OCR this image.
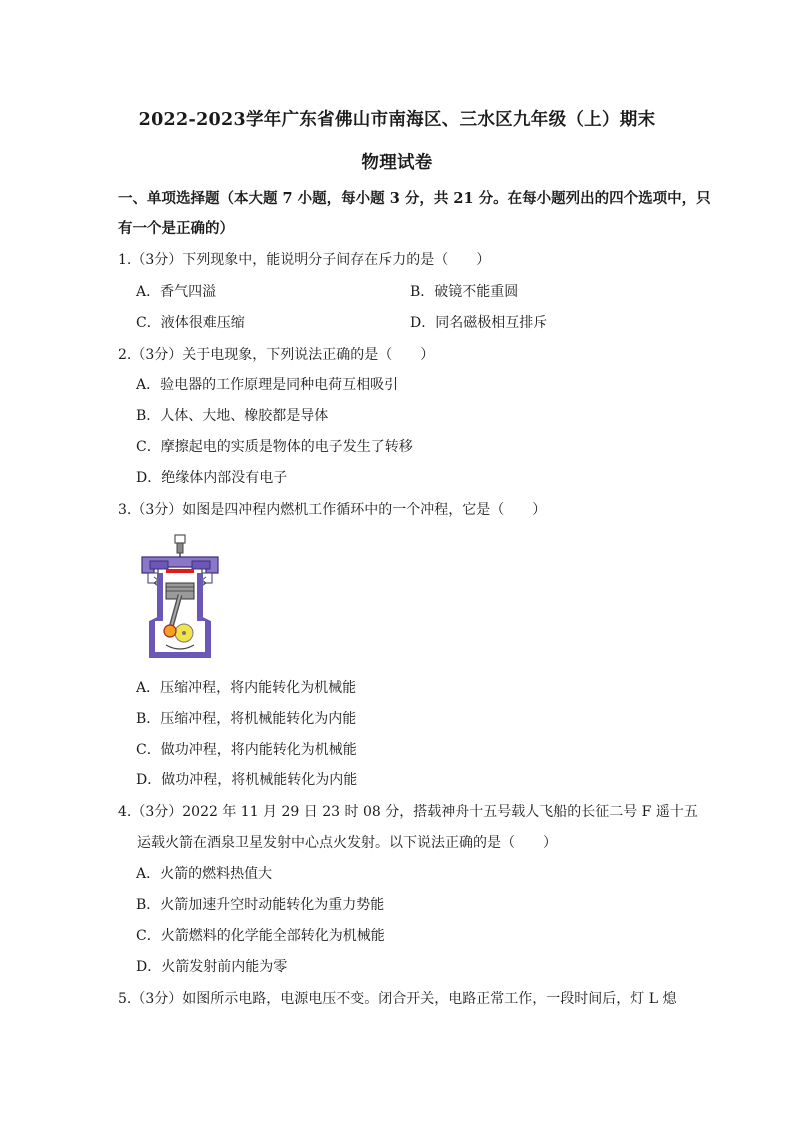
2022-2023学年广东省佛山市南海区、三水区九年级（上）期末
物理试卷
一、单项选择题（本大题 7 小题，每小题 3 分，共 21 分。在每小题列出的四个选项中，只
有一个是正确的）
1.（3分）下列现象中，能说明分子间存在斥力的是（　　）
A．香气四溢	B．破镜不能重圆
C．液体很难压缩	D．同名磁极相互排斥
2.（3分）关于电现象，下列说法正确的是（　　）
A．验电器的工作原理是同种电荷互相吸引
B．人体、大地、橡胶都是导体
C．摩擦起电的实质是物体的电子发生了转移
D．绝缘体内部没有电子
3.（3分）如图是四冲程内燃机工作循环中的一个冲程，它是（　　）
A．压缩冲程，将内能转化为机械能
B．压缩冲程，将机械能转化为内能
C．做功冲程，将内能转化为机械能
D．做功冲程，将机械能转化为内能
4.（3分）2022 年 11 月 29 日 23 时 08 分，搭载神舟十五号载人飞船的长征二号 F 遥十五
运载火箭在酒泉卫星发射中心点火发射。以下说法正确的是（　　）
A．火箭的燃料热值大
B．火箭加速升空时动能转化为重力势能
C．火箭燃料的化学能全部转化为机械能
D．火箭发射前内能为零
5.（3分）如图所示电路，电源电压不变。闭合开关，电路正常工作，一段时间后，灯 L 熄
